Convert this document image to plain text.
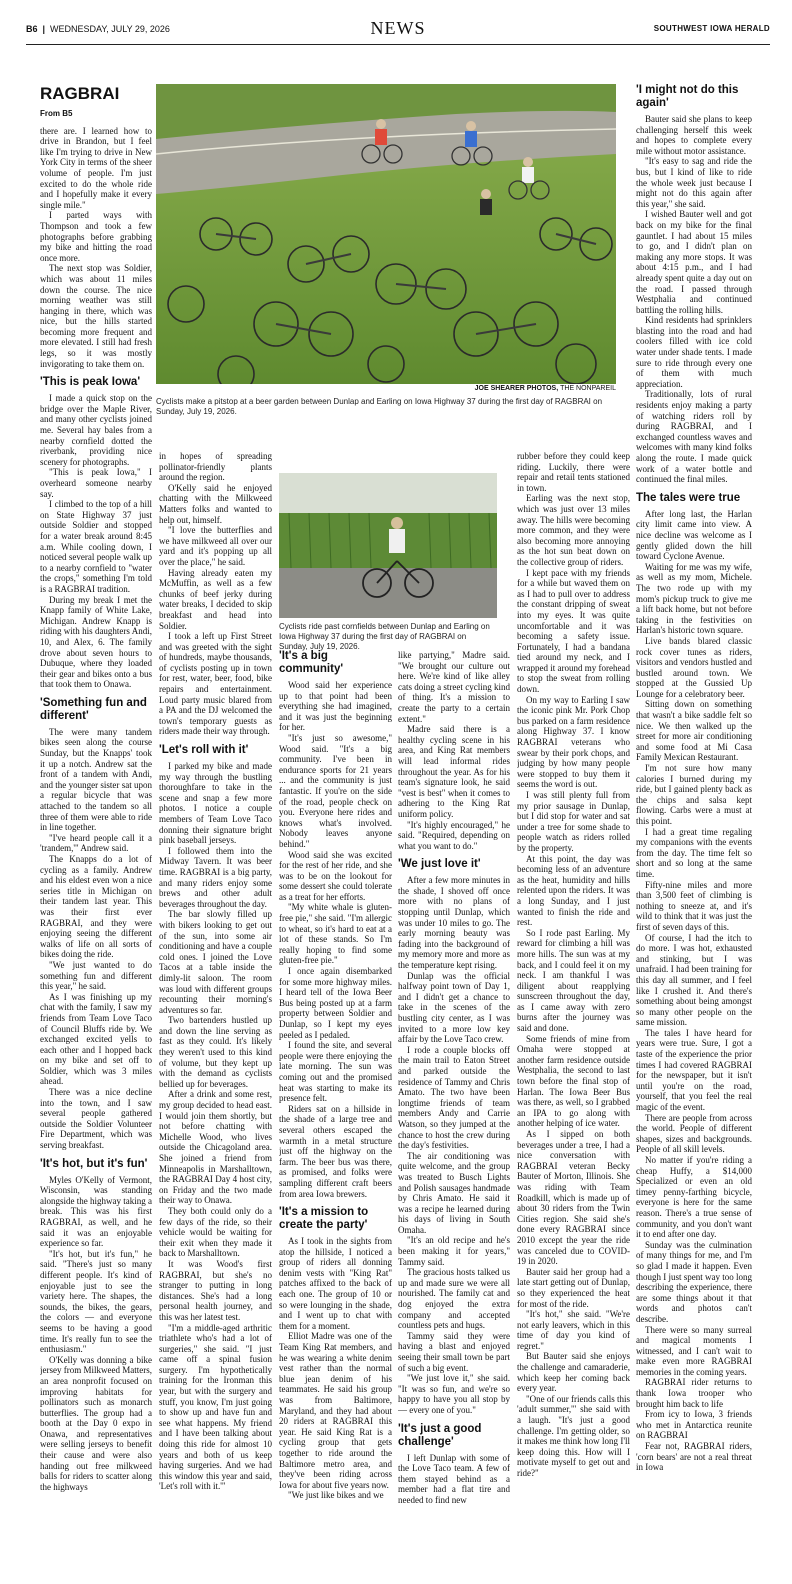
B6  |  WEDNESDAY, JULY 29, 2026	NEWS	SOUTHWEST IOWA HERALD
JOE SHEARER PHOTOS, THE NONPAREIL
Cyclists make a pitstop at a beer garden between Dunlap and Earling on Iowa Highway 37 during the first day of RAGBRAI on Sunday, July 19, 2026.
Cyclists ride past cornfields between Dunlap and Earling on Iowa Highway 37 during the first day of RAGBRAI on Sunday, July 19, 2026.
RAGBRAI
From B5

there are. I learned how to drive in Brandon, but I feel like I'm trying to drive in New York City in terms of the sheer volume of people. I'm just excited to do the whole ride and I hopefully make it every single mile."

I parted ways with Thompson and took a few photographs before grabbing my bike and hitting the road once more.

The next stop was Soldier, which was about 11 miles down the course. The nice morning weather was still hanging in there, which was nice, but the hills started becoming more frequent and more elevated. I still had fresh legs, so it was mostly invigorating to take them on.

'This is peak Iowa'

I made a quick stop on the bridge over the Maple River, and many other cyclists joined me. Several hay bales from a nearby cornfield dotted the riverbank, providing nice scenery for photographs.

"This is peak Iowa," I overheard someone nearby say.

I climbed to the top of a hill on State Highway 37 just outside Soldier and stopped for a water break around 8:45 a.m. While cooling down, I noticed several people walk up to a nearby cornfield to "water the crops," something I'm told is a RAGBRAI tradition.

During my break I met the Knapp family of White Lake, Michigan. Andrew Knapp is riding with his daughters Andi, 10, and Alex, 6. The family drove about seven hours to Dubuque, where they loaded their gear and bikes onto a bus that took them to Onawa.

'Something fun and different'

The were many tandem bikes seen along the course Sunday, but the Knapps' took it up a notch. Andrew sat the front of a tandem with Andi, and the younger sister sat upon a regular bicycle that was attached to the tandem so all three of them were able to ride in line together.

"I've heard people call it a 'trandem,'" Andrew said.

The Knapps do a lot of cycling as a family. Andrew and his eldest even won a nice series title in Michigan on their tandem last year. This was their first ever RAGBRAI, and they were enjoying seeing the different walks of life on all sorts of bikes doing the ride.

"We just wanted to do something fun and different this year," he said.

As I was finishing up my chat with the family, I saw my friends from Team Love Taco of Council Bluffs ride by. We exchanged excited yells to each other and I hopped back on my bike and set off to Soldier, which was 3 miles ahead.

There was a nice decline into the town, and I saw several people gathered outside the Soldier Volunteer Fire Department, which was serving breakfast.

'It's hot, but it's fun'

Myles O'Kelly of Vermont, Wisconsin, was standing alongside the highway taking a break. This was his first RAGBRAI, as well, and he said it was an enjoyable experience so far.

"It's hot, but it's fun," he said. "There's just so many different people. It's kind of enjoyable just to see the variety here. The shapes, the sounds, the bikes, the gears, the colors — and everyone seems to be having a good time. It's really fun to see the enthusiasm."

O'Kelly was donning a bike jersey from Milkweed Matters, an area nonprofit focused on improving habitats for pollinators such as monarch butterflies. The group had a booth at the Day 0 expo in Onawa, and representatives were selling jerseys to benefit their cause and were also handing out free milkweed balls for riders to scatter along the highways

in hopes of spreading pollinator-friendly plants around the region.

O'Kelly said he enjoyed chatting with the Milkweed Matters folks and wanted to help out, himself.

"I love the butterflies and we have milkweed all over our yard and it's popping up all over the place," he said.

Having already eaten my McMuffin, as well as a few chunks of beef jerky during water breaks, I decided to skip breakfast and head into Soldier.

I took a left up First Street and was greeted with the sight of hundreds, maybe thousands, of cyclists posting up in town for rest, water, beer, food, bike repairs and entertainment. Loud party music blared from a PA and the DJ welcomed the town's temporary guests as riders made their way through.

'Let's roll with it'

I parked my bike and made my way through the bustling thoroughfare to take in the scene and snap a few more photos. I notice a couple members of Team Love Taco donning their signature bright pink baseball jerseys.

I followed them into the Midway Tavern. It was beer time. RAGBRAI is a big party, and many riders enjoy some brews and other adult beverages throughout the day.

The bar slowly filled up with bikers looking to get out of the sun, into some air conditioning and have a couple cold ones. I joined the Love Tacos at a table inside the dimly-lit saloon. The room was loud with different groups recounting their morning's adventures so far.

Two bartenders hustled up and down the line serving as fast as they could. It's likely they weren't used to this kind of volume, but they kept up with the demand as cyclists bellied up for beverages.

After a drink and some rest, my group decided to head east. I would join them shortly, but not before chatting with Michelle Wood, who lives outside the Chicagoland area. She joined a friend from Minneapolis in Marshalltown, the RAGBRAI Day 4 host city, on Friday and the two made their way to Onawa.

They both could only do a few days of the ride, so their vehicle would be waiting for their exit when they made it back to Marshalltown.

It was Wood's first RAGBRAI, but she's no stranger to putting in long distances. She's had a long personal health journey, and this was her latest test.

"I'm a middle-aged arthritic triathlete who's had a lot of surgeries," she said. "I just came off a spinal fusion surgery. I'm hypothetically training for the Ironman this year, but with the surgery and stuff, you know, I'm just going to show up and have fun and see what happens. My friend and I have been talking about doing this ride for almost 10 years and both of us keep having surgeries. And we had this window this year and said, 'Let's roll with it.'"

'It's a big community'

Wood said her experience up to that point had been everything she had imagined, and it was just the beginning for her.

"It's just so awesome," Wood said. "It's a big community. I've been in endurance sports for 21 years ... and the community is just fantastic. If you're on the side of the road, people check on you. Everyone here rides and knows what's involved. Nobody leaves anyone behind."

Wood said she was excited for the rest of her ride, and she was to be on the lookout for some dessert she could tolerate as a treat for her efforts.

"My white whale is gluten-free pie," she said. "I'm allergic to wheat, so it's hard to eat at a lot of these stands. So I'm really hoping to find some gluten-free pie."

I once again disembarked for some more highway miles. I heard tell of the Iowa Beer Bus being posted up at a farm property between Soldier and Dunlap, so I kept my eyes peeled as I pedaled.

I found the site, and several people were there enjoying the late morning. The sun was coming out and the promised heat was starting to make its presence felt.

Riders sat on a hillside in the shade of a large tree and several others escaped the warmth in a metal structure just off the highway on the farm. The beer bus was there, as promised, and folks were sampling different craft beers from area Iowa brewers.

'It's a mission to create the party'

As I took in the sights from atop the hillside, I noticed a group of riders all donning denim vests with "King Rat" patches affixed to the back of each one. The group of 10 or so were lounging in the shade, and I went up to chat with them for a moment.

Elliot Madre was one of the Team King Rat members, and he was wearing a white denim vest rather than the normal blue jean denim of his teammates. He said his group was from Baltimore, Maryland, and they had about 20 riders at RAGBRAI this year. He said King Rat is a cycling group that gets together to ride around the Baltimore metro area, and they've been riding across Iowa for about five years now.

"We just like bikes and we

like partying," Madre said. "We brought our culture out here. We're kind of like alley cats doing a street cycling kind of thing. It's a mission to create the party to a certain extent."

Madre said there is a healthy cycling scene in his area, and King Rat members will lead informal rides throughout the year. As for his team's signature look, he said "vest is best" when it comes to adhering to the King Rat uniform policy.

"It's highly encouraged," he said. "Required, depending on what you want to do."

'We just love it'

After a few more minutes in the shade, I shoved off once more with no plans of stopping until Dunlap, which was under 10 miles to go. The early morning beauty was fading into the background of my memory more and more as the temperature kept rising.

Dunlap was the official halfway point town of Day 1, and I didn't get a chance to take in the scenes of the bustling city center, as I was invited to a more low key affair by the Love Taco crew.

I rode a couple blocks off the main trail to Eaton Street and parked outside the residence of Tammy and Chris Amato. The two have been longtime friends of team members Andy and Carrie Watson, so they jumped at the chance to host the crew during the day's festivities.

The air conditioning was quite welcome, and the group was treated to Busch Lights and Polish sausages handmade by Chris Amato. He said it was a recipe he learned during his days of living in South Omaha.

"It's an old recipe and he's been making it for years," Tammy said.

The gracious hosts talked us up and made sure we were all nourished. The family cat and dog enjoyed the extra company and accepted countless pets and hugs.

Tammy said they were having a blast and enjoyed seeing their small town be part of such a big event.

"We just love it," she said. "It was so fun, and we're so happy to have you all stop by — every one of you."

'It's just a good challenge'

I left Dunlap with some of the Love Taco team. A few of them stayed behind as a member had a flat tire and needed to find new

rubber before they could keep riding. Luckily, there were repair and retail tents stationed in town.

Earling was the next stop, which was just over 13 miles away. The hills were becoming more common, and they were also becoming more annoying as the hot sun beat down on the collective group of riders.

I kept pace with my friends for a while but waved them on as I had to pull over to address the constant dripping of sweat into my eyes. It was quite uncomfortable and it was becoming a safety issue. Fortunately, I had a bandana tied around my neck, and I wrapped it around my forehead to stop the sweat from rolling down.

On my way to Earling I saw the iconic pink Mr. Pork Chop bus parked on a farm residence along Highway 37. I know RAGBRAI veterans who swear by their pork chops, and judging by how many people were stopped to buy them it seems the word is out.

I was still plenty full from my prior sausage in Dunlap, but I did stop for water and sat under a tree for some shade to people watch as riders rolled by the property.

At this point, the day was becoming less of an adventure as the heat, humidity and hills relented upon the riders. It was a long Sunday, and I just wanted to finish the ride and rest.

So I rode past Earling. My reward for climbing a hill was more hills. The sun was at my back, and I could feel it on my neck. I am thankful I was diligent about reapplying sunscreen throughout the day, as I came away with zero burns after the journey was said and done.

Some friends of mine from Omaha were stopped at another farm residence outside Westphalia, the second to last town before the final stop of Harlan. The Iowa Beer Bus was there, as well, so I grabbed an IPA to go along with another helping of ice water.

As I sipped on both beverages under a tree, I had a nice conversation with RAGBRAI veteran Becky Bauter of Morton, Illinois. She was riding with Team Roadkill, which is made up of about 30 riders from the Twin Cities region. She said she's done every RAGBRAI since 2010 except the year the ride was canceled due to COVID-19 in 2020.

Bauter said her group had a late start getting out of Dunlap, so they experienced the heat for most of the ride.

"It's hot," she said. "We're not early leavers, which in this time of day you kind of regret."

But Bauter said she enjoys the challenge and camaraderie, which keep her coming back every year.

"One of our friends calls this 'adult summer,'" she said with a laugh. "It's just a good challenge. I'm getting older, so it makes me think how long I'll keep doing this. How will I motivate myself to get out and ride?"

'I might not do this again'

Bauter said she plans to keep challenging herself this week and hopes to complete every mile without motor assistance.

"It's easy to sag and ride the bus, but I kind of like to ride the whole week just because I might not do this again after this year," she said.

I wished Bauter well and got back on my bike for the final gauntlet. I had about 15 miles to go, and I didn't plan on making any more stops. It was about 4:15 p.m., and I had already spent quite a day out on the road. I passed through Westphalia and continued battling the rolling hills.

Kind residents had sprinklers blasting into the road and had coolers filled with ice cold water under shade tents. I made sure to ride through every one of them with much appreciation.

Traditionally, lots of rural residents enjoy making a party of watching riders roll by during RAGBRAI, and I exchanged countless waves and welcomes with many kind folks along the route. I made quick work of a water bottle and continued the final miles.

The tales were true

After long last, the Harlan city limit came into view. A nice decline was welcome as I gently glided down the hill toward Cyclone Avenue.

Waiting for me was my wife, as well as my mom, Michele. The two rode up with my mom's pickup truck to give me a lift back home, but not before taking in the festivities on Harlan's historic town square.

Live bands blared classic rock cover tunes as riders, visitors and vendors hustled and bustled around town. We stopped at the Gussied Up Lounge for a celebratory beer.

Sitting down on something that wasn't a bike saddle felt so nice. We then walked up the street for more air conditioning and some food at Mi Casa Family Mexican Restaurant.

I'm not sure how many calories I burned during my ride, but I gained plenty back as the chips and salsa kept flowing. Carbs were a must at this point.

I had a great time regaling my companions with the events from the day. The time felt so short and so long at the same time.

Fifty-nine miles and more than 3,500 feet of climbing is nothing to sneeze at, and it's wild to think that it was just the first of seven days of this.

Of course, I had the itch to do more. I was hot, exhausted and stinking, but I was unafraid. I had been training for this day all summer, and I feel like I crushed it. And there's something about being amongst so many other people on the same mission.

The tales I have heard for years were true. Sure, I got a taste of the experience the prior times I had covered RAGBRAI for the newspaper, but it isn't until you're on the road, yourself, that you feel the real magic of the event.

There are people from across the world. People of different shapes, sizes and backgrounds. People of all skill levels.

No matter if you're riding a cheap Huffy, a $14,000 Specialized or even an old timey penny-farthing bicycle, everyone is here for the same reason. There's a true sense of community, and you don't want it to end after one day.

Sunday was the culmination of many things for me, and I'm so glad I made it happen. Even though I just spent way too long describing the experience, there are some things about it that words and photos can't describe.

There were so many surreal and magical moments I witnessed, and I can't wait to make even more RAGBRAI memories in the coming years.

RAGBRAI rider returns to thank Iowa trooper who brought him back to life

From icy to Iowa, 3 friends who met in Antarctica reunite on RAGBRAI

Fear not, RAGBRAI riders, 'corn bears' are not a real threat in Iowa
